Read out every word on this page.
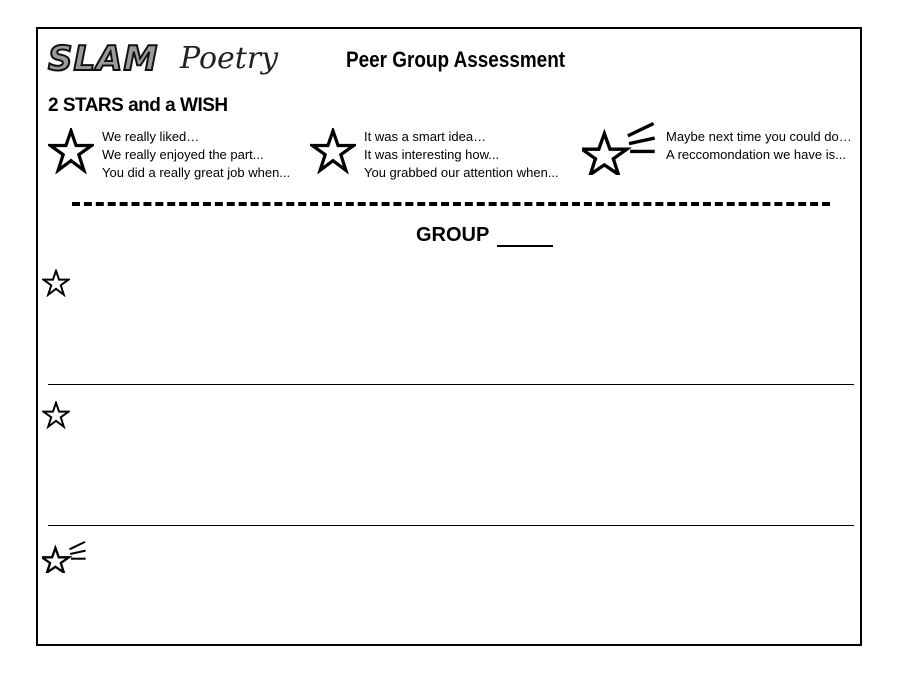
SLAM Poetry	Peer Group Assessment
2 STARS and a WISH
We really liked…
We really enjoyed the part...
You did a really great job when...
It was a smart idea…
It was interesting how...
You grabbed our attention when...
Maybe next time you could do…
A reccomondation we have is...
GROUP
